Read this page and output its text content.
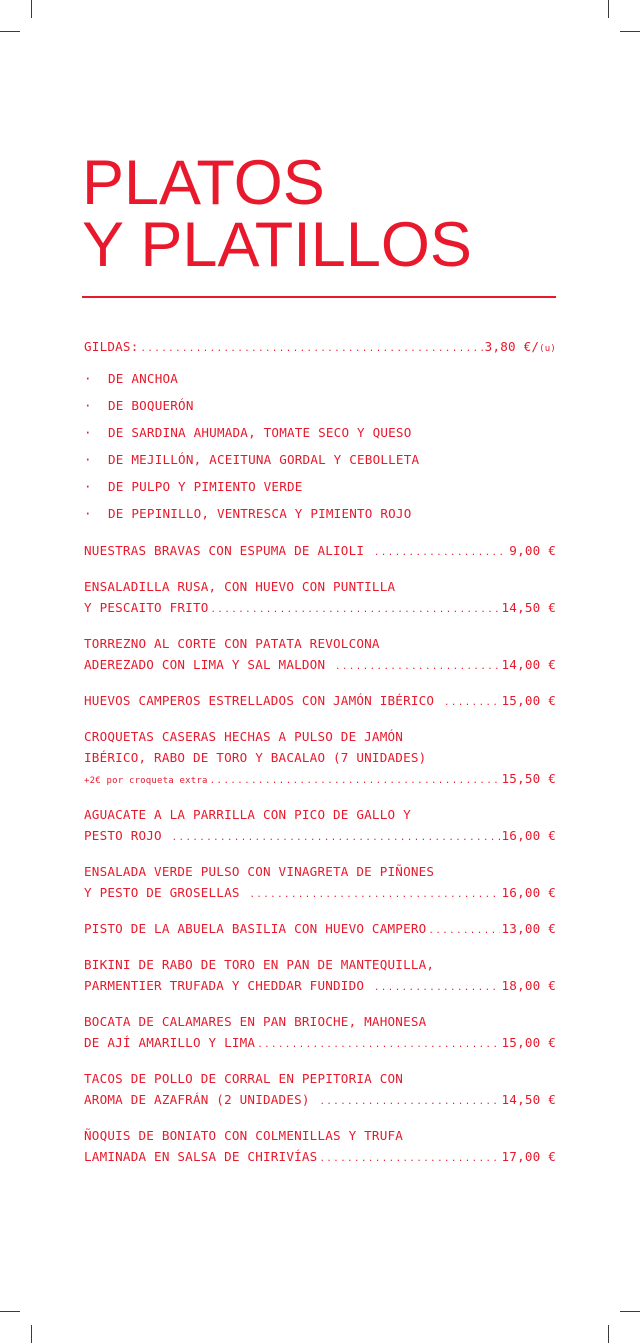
PLATOS
Y PLATILLOS
GILDAS: .....	3,80 €/(u)
· DE ANCHOA
· DE BOQUERÓN
· DE SARDINA AHUMADA, TOMATE SECO Y QUESO
· DE MEJILLÓN, ACEITUNA GORDAL Y CEBOLLETA
· DE PULPO Y PIMIENTO VERDE
· DE PEPINILLO, VENTRESCA Y PIMIENTO ROJO
NUESTRAS BRAVAS CON ESPUMA DE ALIOLI .....	9,00 €
ENSALADILLA RUSA, CON HUEVO CON PUNTILLA
Y PESCAITO FRITO .....	14,50 €
TORREZNO AL CORTE CON PATATA REVOLCONA
ADEREZADO CON LIMA Y SAL MALDON .....	14,00 €
HUEVOS CAMPEROS ESTRELLADOS CON JAMÓN IBÉRICO .....	15,00 €
CROQUETAS CASERAS HECHAS A PULSO DE JAMÓN
IBÉRICO, RABO DE TORO Y BACALAO (7 UNIDADES)
+2€ por croqueta extra .....	15,50 €
AGUACATE A LA PARRILLA CON PICO DE GALLO Y
PESTO ROJO .....	16,00 €
ENSALADA VERDE PULSO CON VINAGRETA DE PIÑONES
Y PESTO DE GROSELLAS .....	16,00 €
PISTO DE LA ABUELA BASILIA CON HUEVO CAMPERO .....	13,00 €
BIKINI DE RABO DE TORO EN PAN DE MANTEQUILLA,
PARMENTIER TRUFADA Y CHEDDAR FUNDIDO .....	18,00 €
BOCATA DE CALAMARES EN PAN BRIOCHE, MAHONESA
DE AJÍ AMARILLO Y LIMA .....	15,00 €
TACOS DE POLLO DE CORRAL EN PEPITORIA CON
AROMA DE AZAFRÁN (2 UNIDADES) .....	14,50 €
ÑOQUIS DE BONIATO CON COLMENILLAS Y TRUFA
LAMINADA EN SALSA DE CHIRIVÍAS .....	17,00 €
